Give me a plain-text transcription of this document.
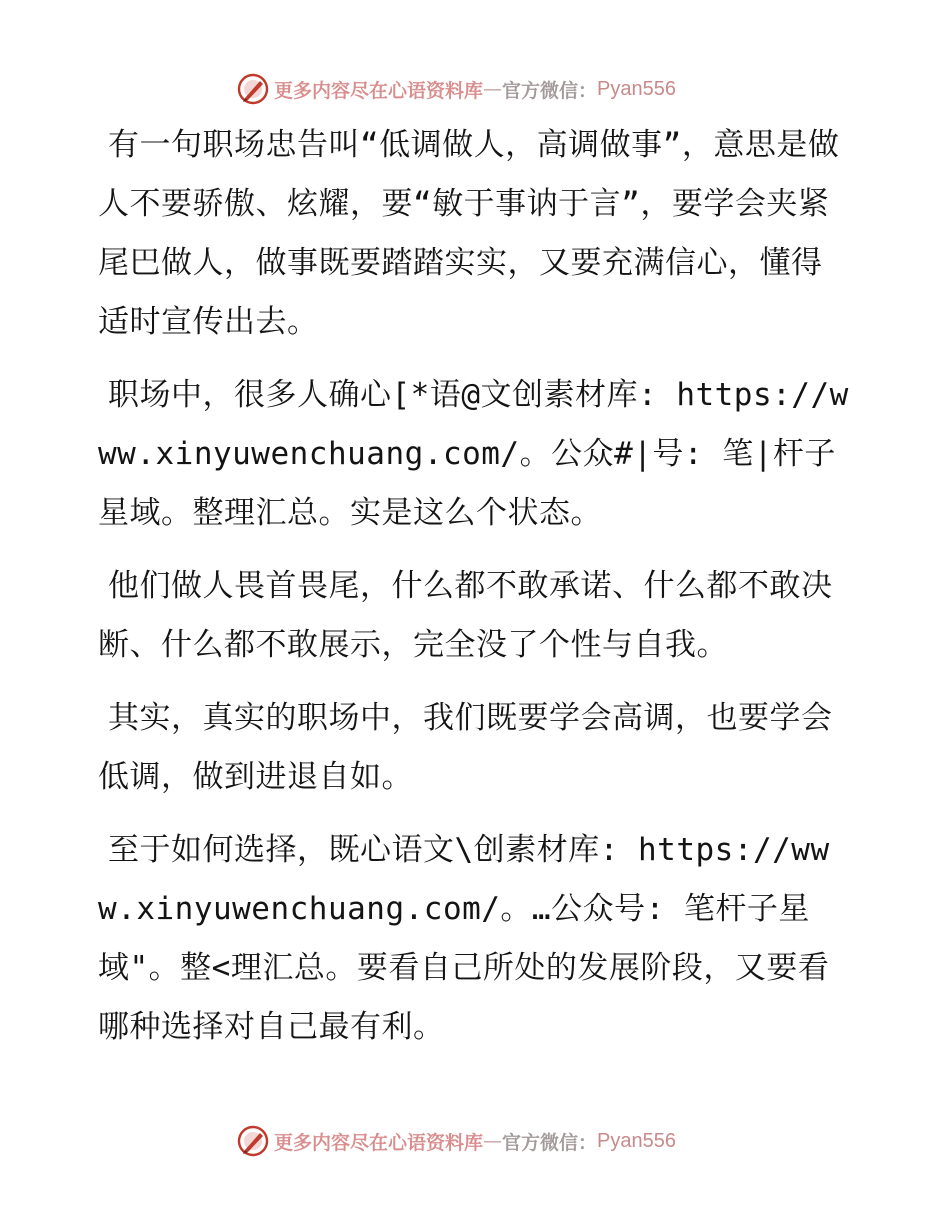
更多内容尽在心语资料库 — 官方微信： Pyan556

有一句职场忠告叫“低调做人，高调做事”，意思是做人不要骄傲、炫耀，要“敏于事讷于言”，要学会夹紧尾巴做人，做事既要踏踏实实，又要充满信心，懂得适时宣传出去。

职场中，很多人确心[*语@文创素材库: https://www.xinyuwenchuang.com/。公众#|号: 笔|杆子星域。整理汇总。实是这么个状态。

他们做人畏首畏尾，什么都不敢承诺、什么都不敢决断、什么都不敢展示，完全没了个性与自我。

其实，真实的职场中，我们既要学会高调，也要学会低调，做到进退自如。

至于如何选择，既心语文\创素材库: https://www.xinyuwenchuang.com/。…公众号: 笔杆子星域"。整<理汇总。要看自己所处的发展阶段，又要看哪种选择对自己最有利。

更多内容尽在心语资料库 — 官方微信： Pyan556
